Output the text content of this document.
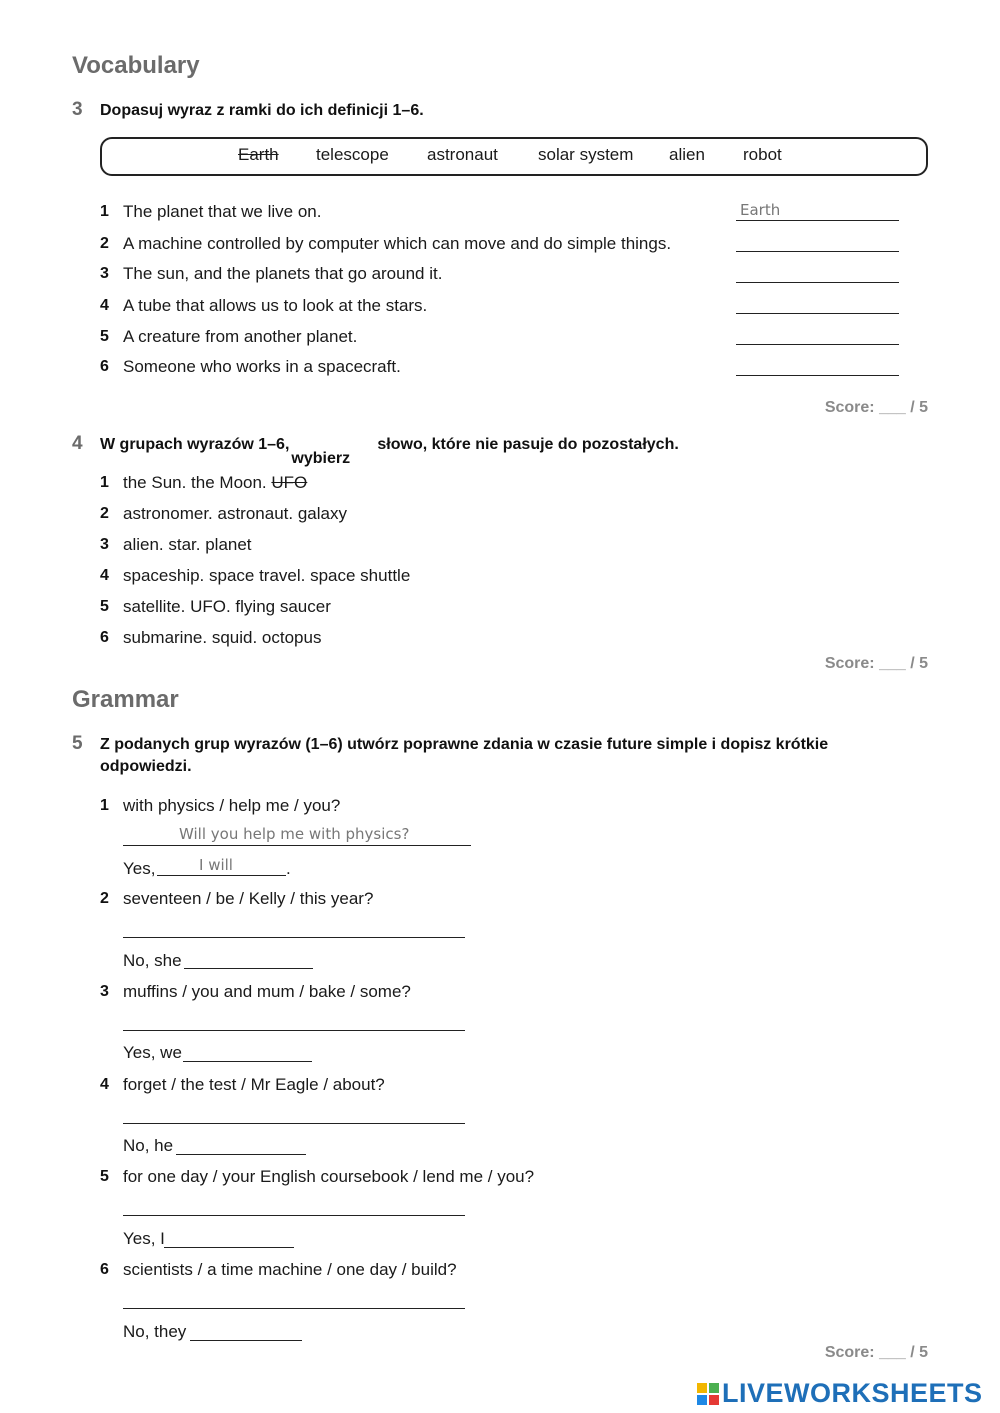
Vocabulary
3 Dopasuj wyraz z ramki do ich definicji 1–6.
Earth telescope astronaut solar system alien robot
1 The planet that we live on.
Earth
2 A machine controlled by computer which can move and do simple things.
3 The sun, and the planets that go around it.
4 A tube that allows us to look at the stars.
5 A creature from another planet.
6 Someone who works in a spacecraft.
Score: ___ / 5
4 W grupach wyrazów 1–6,
wybierz
słowo, które nie pasuje do pozostałych.
1 the Sun. the Moon. UFO
2 astronomer. astronaut. galaxy
3 alien. star. planet
4 spaceship. space travel. space shuttle
5 satellite. UFO. flying saucer
6 submarine. squid. octopus
Score: ___ / 5
Grammar
5 Z podanych grup wyrazów (1–6) utwórz poprawne zdania w czasie future simple i dopisz krótkie
odpowiedzi.
1 with physics / help me / you?
Will you help me with physics?
Yes,
I will	.
2 seventeen / be / Kelly / this year?
No, she
3 muffins / you and mum / bake / some?
Yes, we
4 forget / the test / Mr Eagle / about?
No, he
5 for one day / your English coursebook / lend me / you?
Yes, I
6 scientists / a time machine / one day / build?
No, they
Score: ___ / 5
LIVEWORKSHEETS
